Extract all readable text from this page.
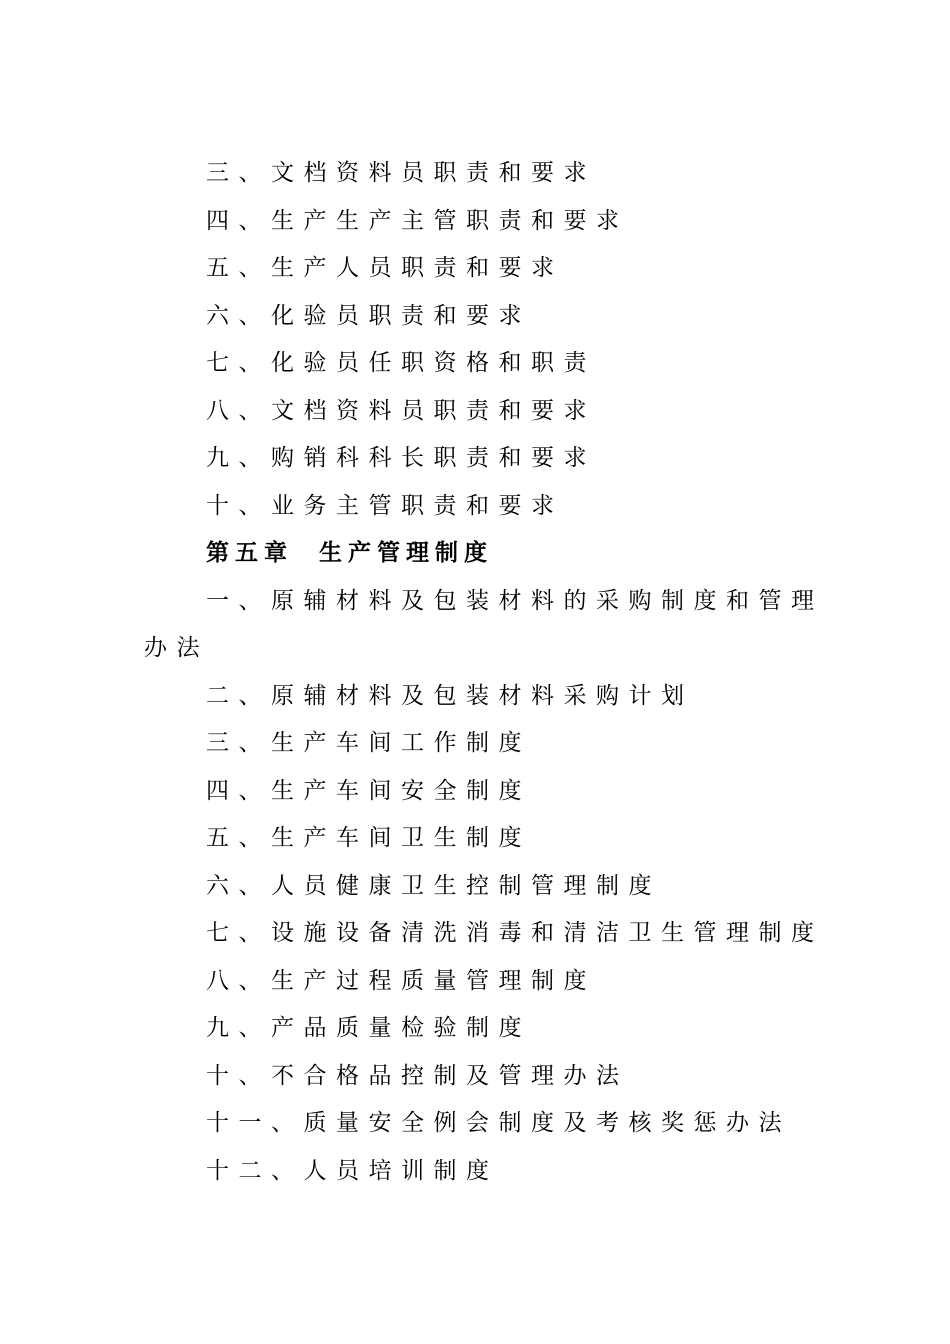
三、文档资料员职责和要求
四、生产生产主管职责和要求
五、生产人员职责和要求
六、化验员职责和要求
七、化验员任职资格和职责
八、文档资料员职责和要求
九、购销科科长职责和要求
十、业务主管职责和要求
第五章 生产管理制度
一、原辅材料及包装材料的采购制度和管理办法
二、原辅材料及包装材料采购计划
三、生产车间工作制度
四、生产车间安全制度
五、生产车间卫生制度
六、人员健康卫生控制管理制度
七、设施设备清洗消毒和清洁卫生管理制度
八、生产过程质量管理制度
九、产品质量检验制度
十、不合格品控制及管理办法
十一、质量安全例会制度及考核奖惩办法
十二、人员培训制度
